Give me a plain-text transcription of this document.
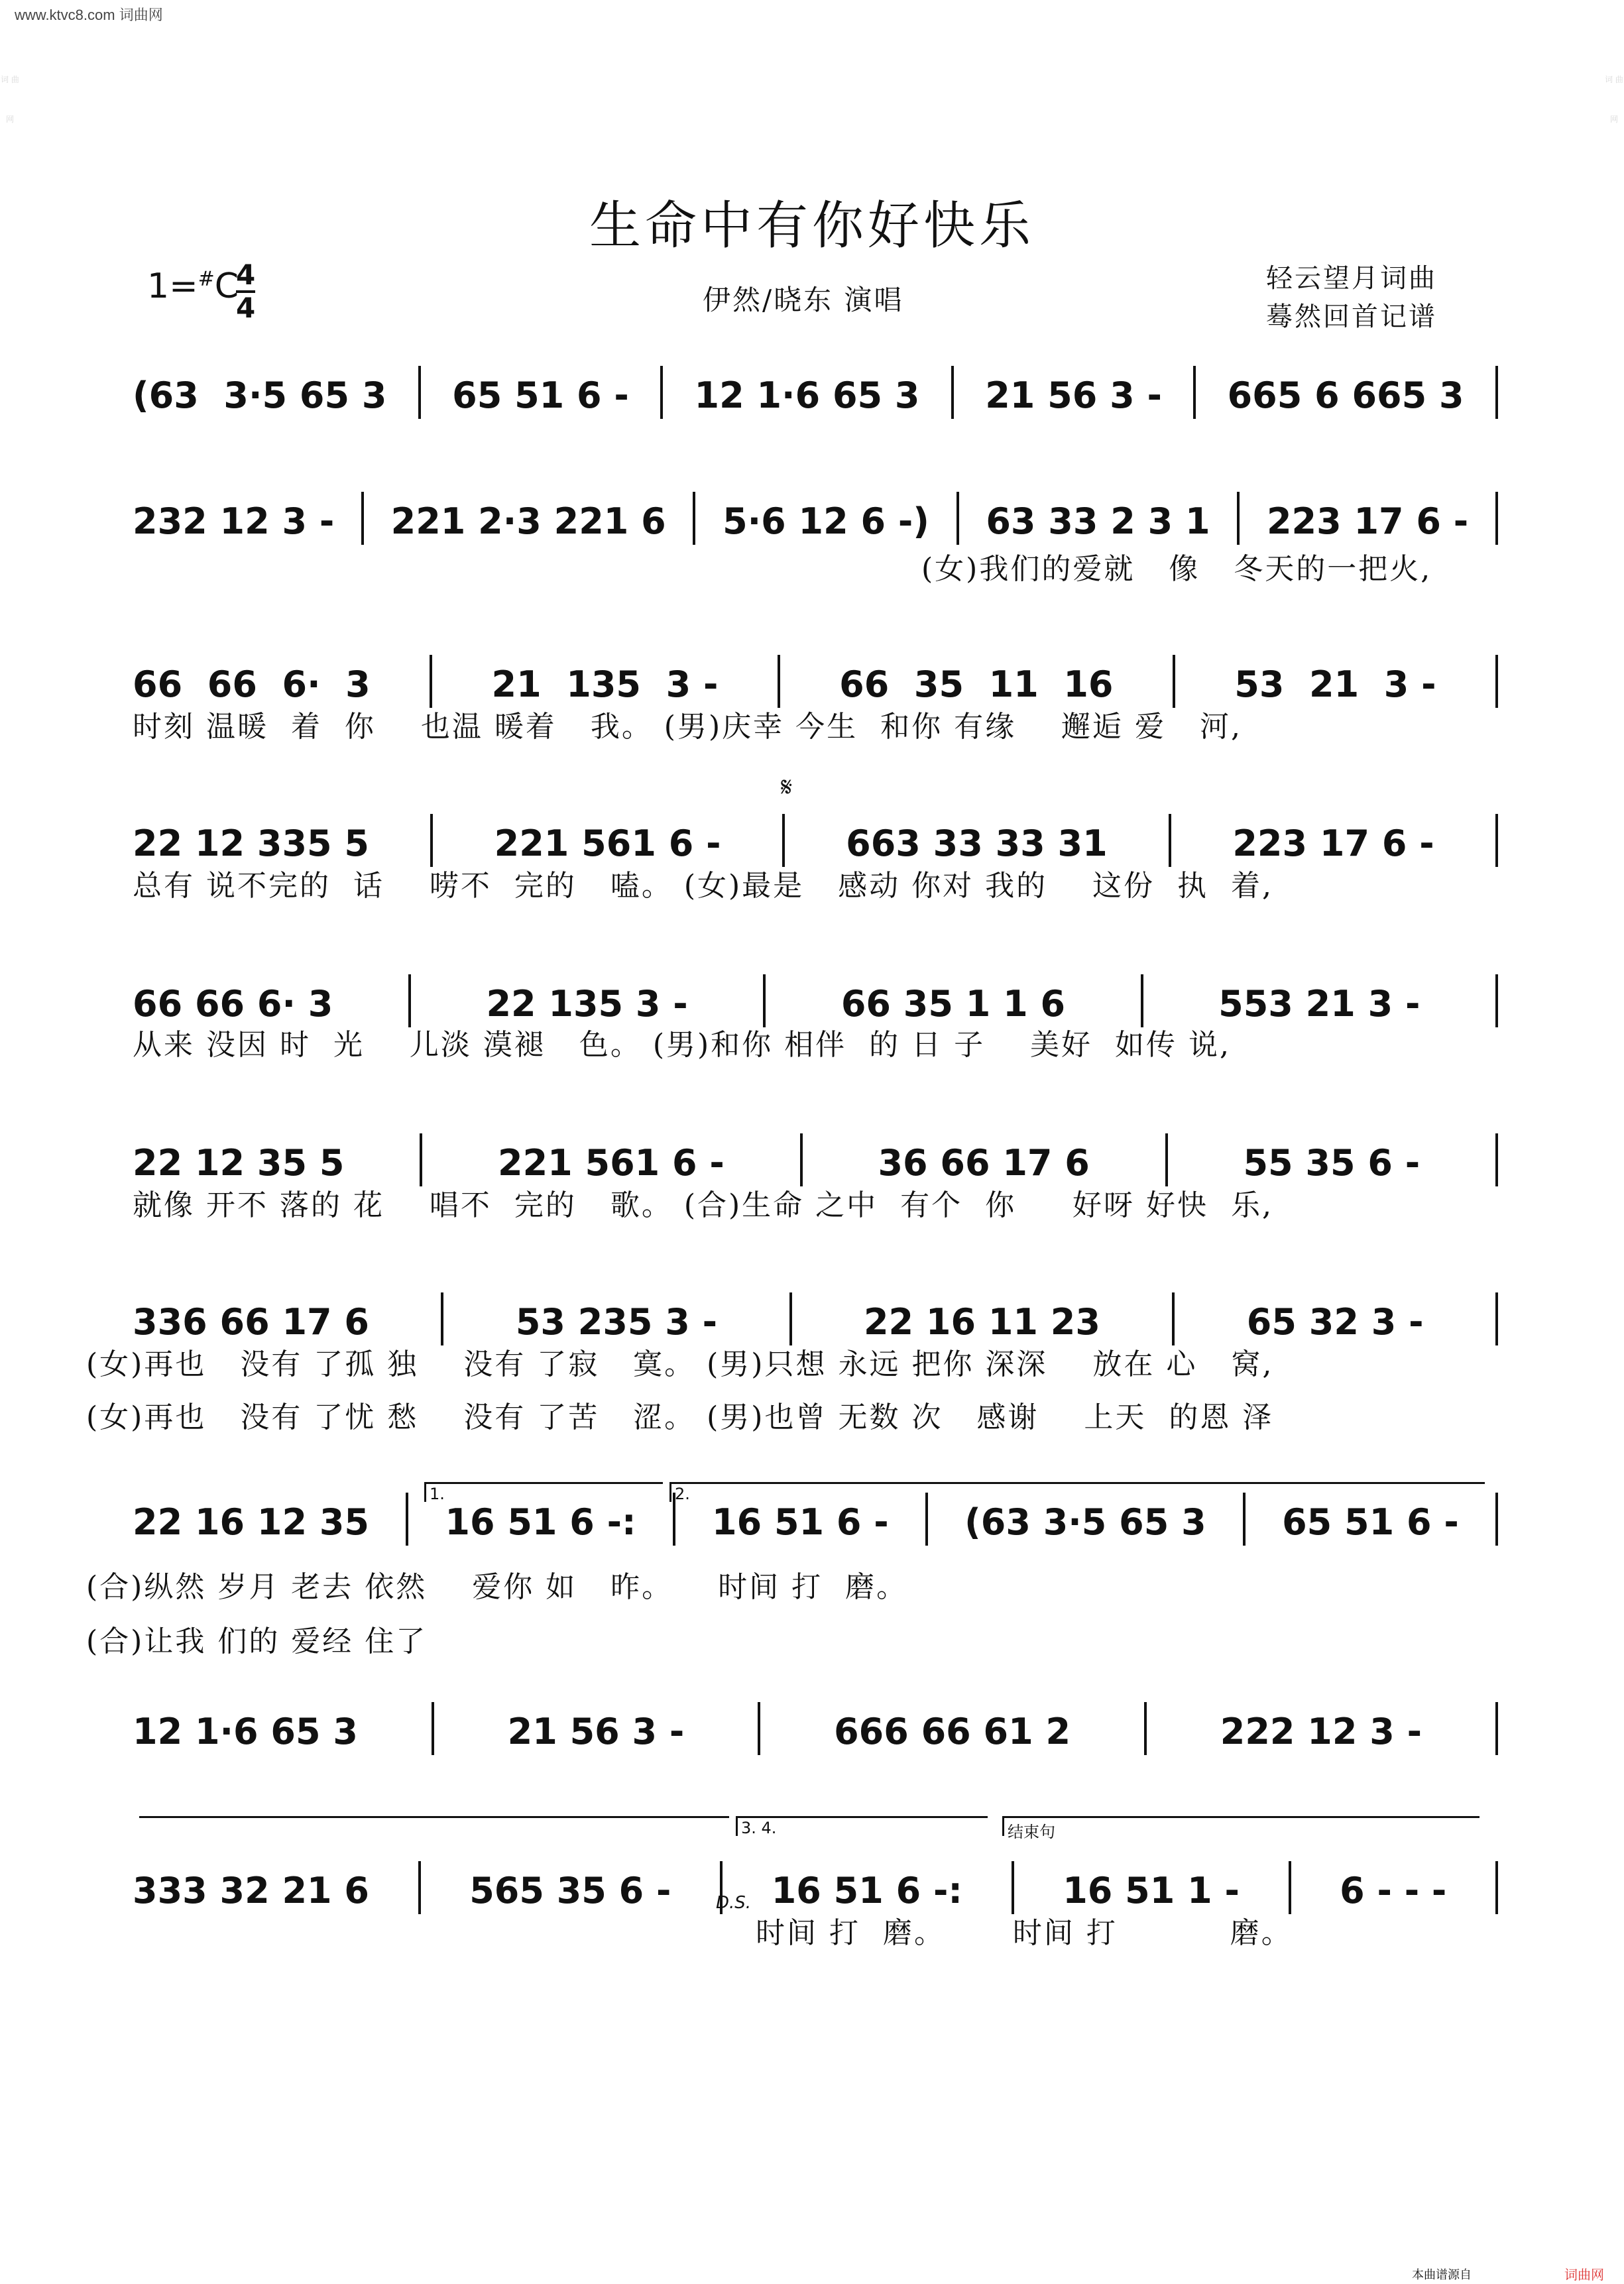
www.ktvc8.com 词曲网
词 曲 网
词 曲 网
生命中有你好快乐
1=#C
4
4	伊然/晓东 演唱
轻云望月词曲
蓦然回首记谱
(63  3·5 65 3 65 51 6 - 12 1·6 65 3 21 56 3 - 665 6 665 3
232 12 3 - 221 2·3 221 6 5·6 12 6 -) 63 33 2 3 1 223 17 6 -
(女)我们的爱就   像   冬天的一把火,
66  66  6·  3	21  135  3 -	66  35  11  16	53  21  3 -
时刻 温暖  着  你    也温 暖着   我。 (男)庆幸 今生  和你 有缘    邂逅 爱   河,
22 12 335 5	221 561 6 -	663 33 33 31	223 17 6 -
总有 说不完的  话    唠不  完的   嗑。 (女)最是   感动 你对 我的    这份  执  着,
66 66 6· 3	22 135 3 -	66 35 1 1 6	553 21 3 -
从来 没因 时  光    儿淡 漠褪   色。 (男)和你 相伴  的 日 子    美好  如传 说,
22 12 35 5	221 561 6 -	36 66 17 6	55 35 6 -
就像 开不 落的 花    唱不  完的   歌。 (合)生命 之中  有个  你     好呀 好快  乐,
336 66 17 6	53 235 3 -	22 16 11 23	65 32 3 -
(女)再也   没有 了孤 独    没有 了寂   寞。 (男)只想 永远 把你 深深    放在 心   窝,
(女)再也   没有 了忧 愁    没有 了苦   涩。 (男)也曾 无数 次   感谢    上天  的恩 泽
22 16 12 35 16 51 6 -: 16 51 6 - (63 3·5 65 3 65 51 6 -
(合)纵然 岁月 老去 依然    爱你 如   昨。    时间 打  磨。
(合)让我 们的 爱经 住了
12 1·6 65 3	21 56 3 -	666 66 61 2	222 12 3 -
333 32 21 6	565 35 6 -	16 51 6 -:	16 51 1 -	6 - - -
时间 打  磨。      时间 打          磨。
1.	2.
3. 4.	结束句
𝄋
D.S.
本曲谱源自	词曲网
